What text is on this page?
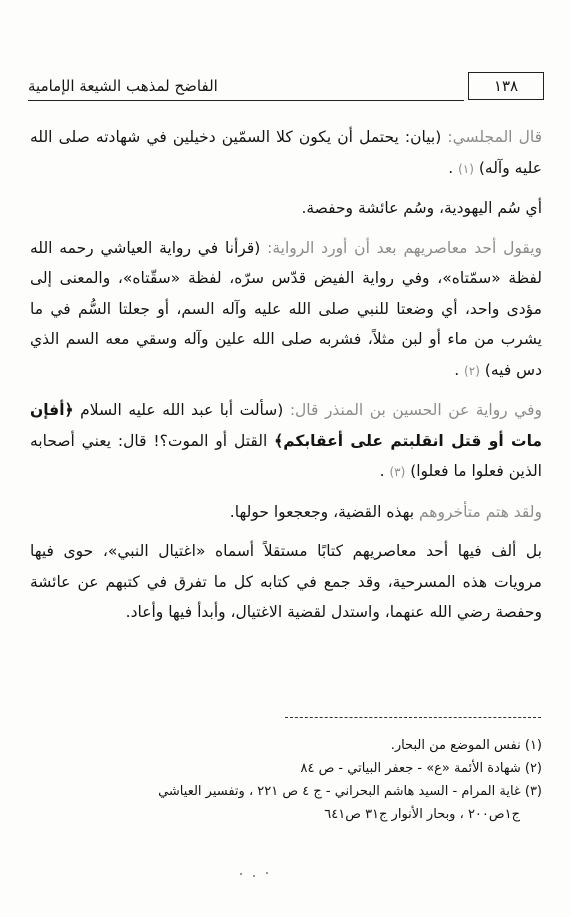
الفاضح لمذهب الشيعة الإمامية	١٣٨

قال المجلسي: (بيان: يحتمل أن يكون كلا السمّين دخيلين في شهادته صلى الله عليه وآله) (١) .

أي سُم اليهودية، وسُم عائشة وحفصة.

ويقول أحد معاصريهم بعد أن أورد الرواية: (قرأنا في رواية العياشي رحمه الله لفظة «سمّتاه»، وفي رواية الفيض قدّس سرّه، لفظة «سقّتاه»، والمعنى إلى مؤدى واحد، أي وضعتا للنبي صلى الله عليه وآله السم، أو جعلتا السُّم في ما يشرب من ماء أو لبن مثلاً، فشربه صلى الله علين وآله وسقي معه السم الذي دس فيه) (٢) .

وفي رواية عن الحسين بن المنذر قال: (سألت أبا عبد الله عليه السلام ﴿أفإن مات أو قتل انقلبتم على أعقابكم﴾ القتل أو الموت؟! قال: يعني أصحابه الذين فعلوا ما فعلوا) (٣) .

ولقد هتم متأخروهم بهذه القضية، وجعجعوا حولها.

بل ألف فيها أحد معاصريهم كتابًا مستقلاً أسماه «اغتيال النبي»، حوى فيها مرويات هذه المسرحية، وقد جمع في كتابه كل ما تفرق في كتبهم عن عائشة وحفصة رضي الله عنهما، واستدل لقضية الاغتيال، وأبدأ فيها وأعاد.

(١) نفس الموضع من البحار.

(٢) شهادة الأئمة «ع» - جعفر البياتي - ص ٨٤

(٣) غاية المرام - السيد هاشم البحراني - ج ٤ ص ٢٢١ ، وتفسير العياشي

ج١ص٢٠٠ ، وبحار الأنوار ج٣١ ص٦٤١
